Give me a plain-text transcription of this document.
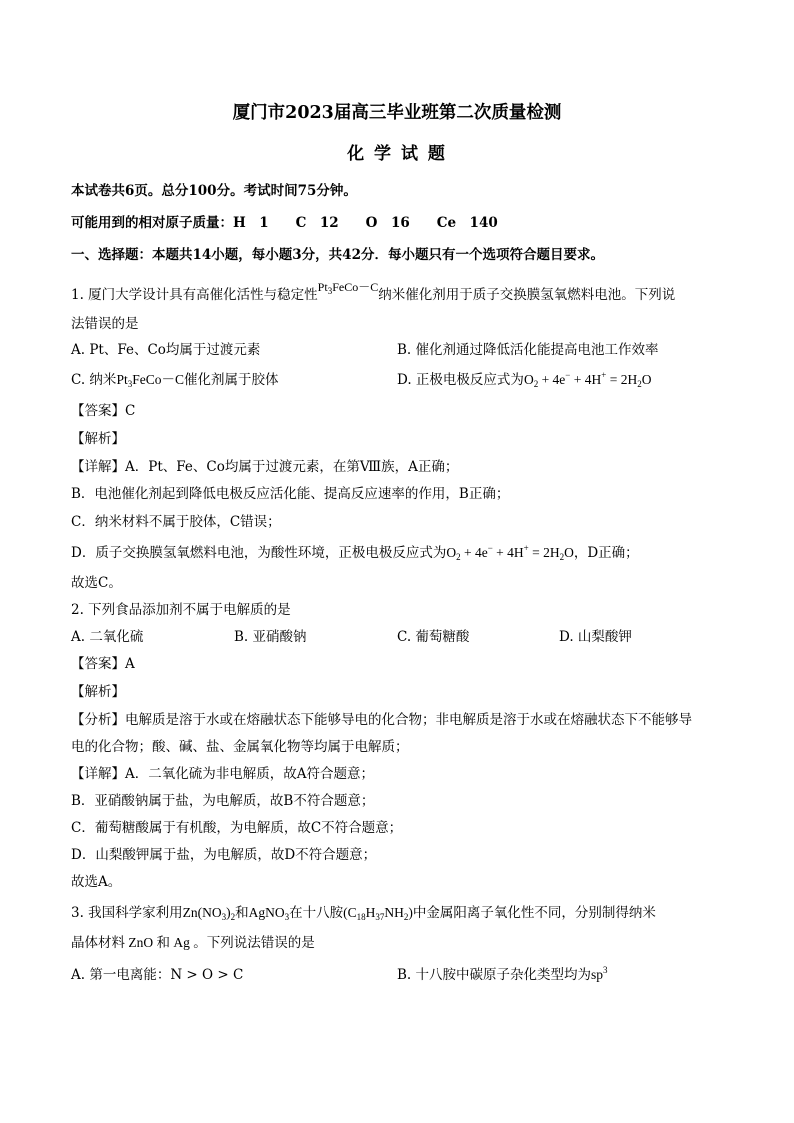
厦门市2023届高三毕业班第二次质量检测
化 学 试 题
本试卷共6页。总分100分。考试时间75分钟。
可能用到的相对原子质量：H　1　　C　12　　O　16　　Ce　140
一、选择题：本题共14小题，每小题3分，共42分．每小题只有一个选项符合题目要求。
1. 厦门大学设计具有高催化活性与稳定性$Pt_3FeCo-C$纳米催化剂用于质子交换膜氢氧燃料电池。下列说
法错误的是
A. Pt、Fe、Co均属于过渡元素	B. 催化剂通过降低活化能提高电池工作效率
C. 纳米$Pt_3FeCo-C$催化剂属于胶体	D. 正极电极反应式为$O_2 + 4e^- + 4H^+ = 2H_2O$
【答案】C
【解析】
【详解】A．Pt、Fe、Co均属于过渡元素，在第Ⅷ族，A正确；
B．电池催化剂起到降低电极反应活化能、提高反应速率的作用，B正确；
C．纳米材料不属于胶体，C错误；
D．质子交换膜氢氧燃料电池，为酸性环境，正极电极反应式为$O_2 + 4e^- + 4H^+ = 2H_2O$，D正确；
故选C。
2. 下列食品添加剂不属于电解质的是
A. 二氧化硫	B. 亚硝酸钠	C. 葡萄糖酸	D. 山梨酸钾
【答案】A
【解析】
【分析】电解质是溶于水或在熔融状态下能够导电的化合物；非电解质是溶于水或在熔融状态下不能够导
电的化合物；酸、碱、盐、金属氧化物等均属于电解质；
【详解】A．二氧化硫为非电解质，故A符合题意；
B．亚硝酸钠属于盐，为电解质，故B不符合题意；
C．葡萄糖酸属于有机酸，为电解质，故C不符合题意；
D．山梨酸钾属于盐，为电解质，故D不符合题意；
故选A。
3. 我国科学家利用$Zn(NO_3)_2$和AgNO$_3$在十八胺$(C_{18}H_{37}NH_2)$中金属阳离子氧化性不同，分别制得纳米
晶体材料 ZnO 和 Ag 。下列说法错误的是
A. 第一电离能：N > O > C	B. 十八胺中碳原子杂化类型均为$sp^3$
